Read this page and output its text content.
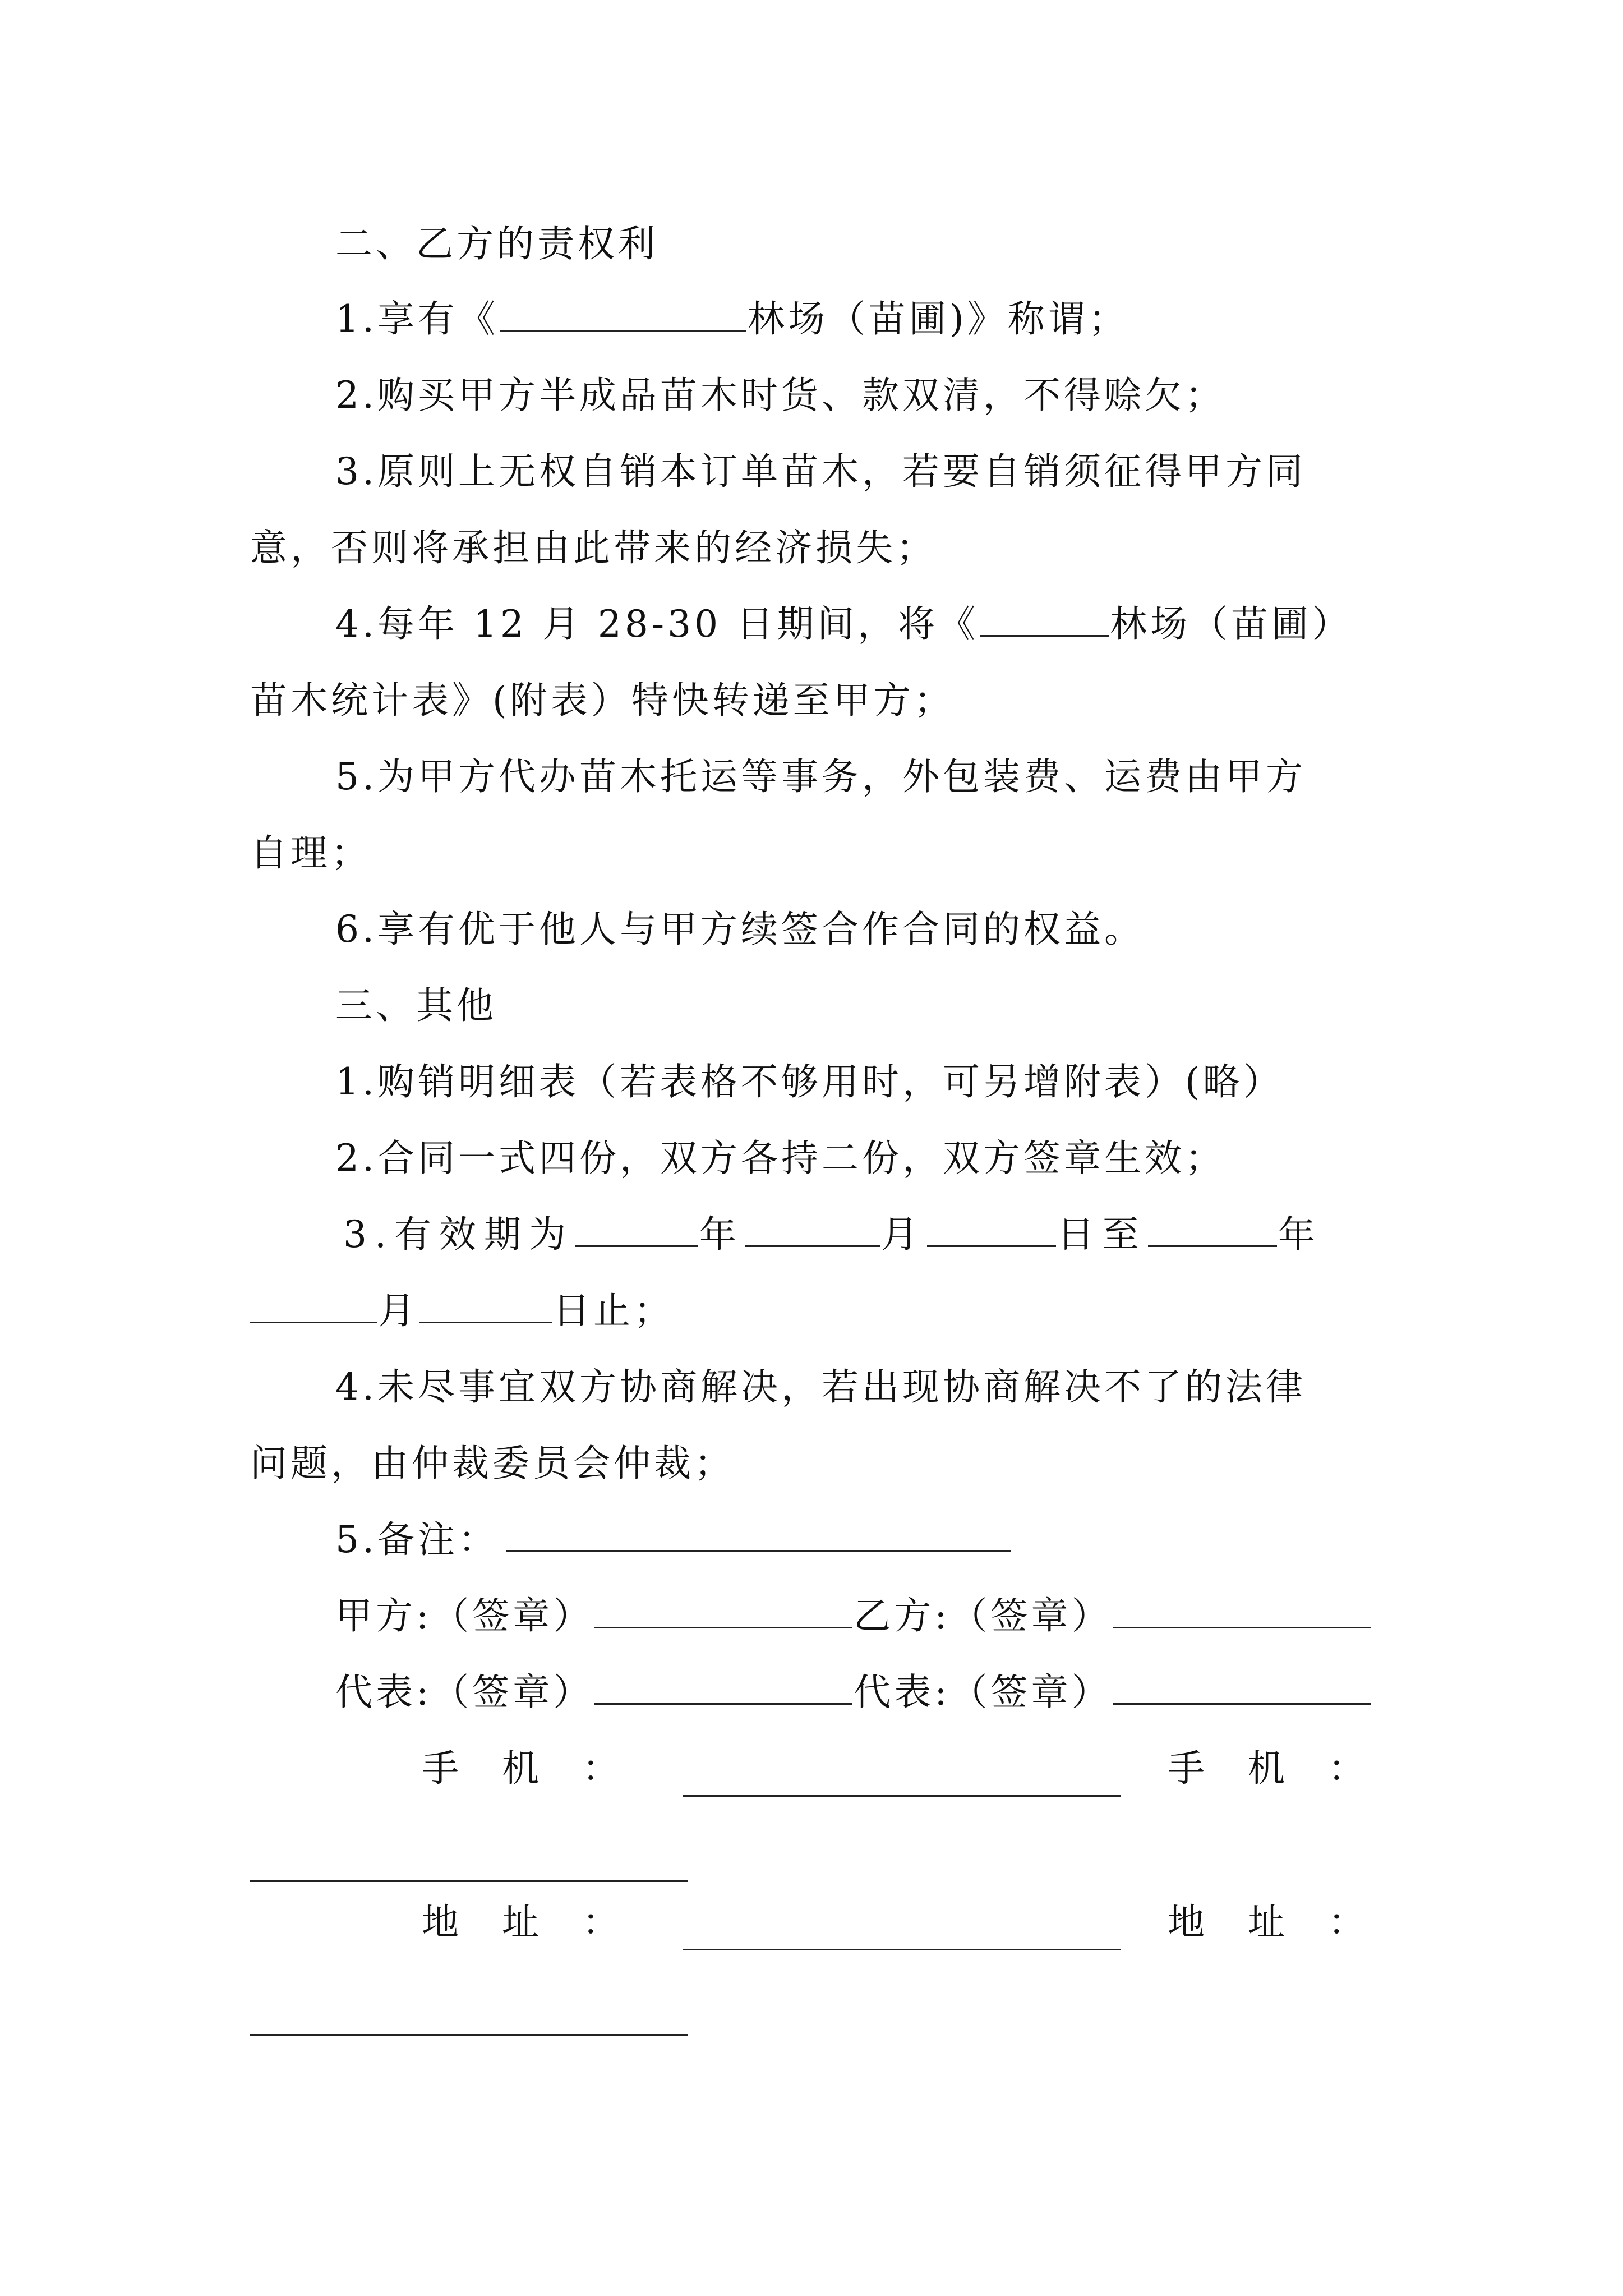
二、乙方的责权利
1.享有《	林场（苗圃)》称谓；
2.购买甲方半成品苗木时货、款双清，不得赊欠；
3.原则上无权自销本订单苗木，若要自销须征得甲方同
意，否则将承担由此带来的经济损失；
4.每年 12 月 28-30 日期间，将《	林场（苗圃）
苗木统计表》(附表）特快转递至甲方；
5.为甲方代办苗木托运等事务，外包装费、运费由甲方
自理；
6.享有优于他人与甲方续签合作合同的权益。
三、其他
1.购销明细表（若表格不够用时，可另增附表）(略）
2.合同一式四份，双方各持二份，双方签章生效；
3.有效期为	年	月	日至	年
月	日止；
4.未尽事宜双方协商解决，若出现协商解决不了的法律
问题，由仲裁委员会仲裁；
5.备注：
甲方:（签章）	乙方:（签章）
代表:（签章）	代表:（签章）
手 机 ：	手 机 ：
地 址 ：	地 址 ：
